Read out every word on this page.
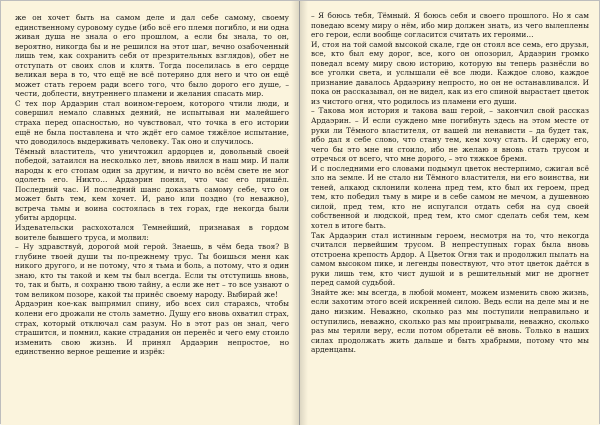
же он хочет быть на самом деле и дал себе самому, своему единственному суровому судье (ибо всё его племя погибло, и ни одна живая душа не знала о его прошлом, а если бы знала, то он, вероятно, никогда бы и не решился на этот шаг, вечно озабоченный лишь тем, как сохранить себя от презрительных взглядов), обет не отступать от своих слов и клятв. Тогда поселилась в его сердце великая вера в то, что ещё не всё потеряно для него и что он ещё может стать героем ради всего того, что было дорого его душе, – чести, доблести, внутреннего пламени и желания спасать мир.

С тех пор Ардаэрин стал воином-героем, которого чтили люди, и совершил немало славных деяний, не испытывая ни малейшего страха перед опасностью, но чувствовал, что точка в его истории ещё не была поставлена и что ждёт его самое тяжёлое испытание, что доводилось выдерживать человеку. Так оно и случилось.

Тёмный властитель, что уничтожил ардорцев и, довольный своей победой, затаился на несколько лет, вновь явился в наш мир. И пали народы к его стопам один за другим, и ничто во всём свете не мог одолеть его. Никто… Ардаэрин понял, что час его пришёл. Последний час. И последний шанс доказать самому себе, что он может быть тем, кем хочет. И, рано или поздно (то неважно), встреча тьмы и воина состоялась в тех горах, где некогда были убиты ардорцы.

Издевательски расхохотался Темнейший, признавая в гордом воителе бывшего труса, и молвил:

– Ну здравствуй, дорогой мой герой. Знаешь, в чём беда твоя? В глубине твоей души ты по-прежнему трус. Ты боишься меня как никого другого, и не потому, что я тьма и боль, а потому, что я один знаю, кто ты такой и кем ты был всегда. Если ты отступишь вновь, то, так и быть, я сохраню твою тайну, а если же нет – то все узнают о том великом позоре, какой ты принёс своему народу. Выбирай же!

Ардаэрин кое-как выпрямил спину, ибо всех сил стараясь, чтобы колени его дрожали не столь заметно. Душу его вновь охватил страх, страх, который отключал сам разум. Но в этот раз он знал, чего страшится, и помнил, какие страдания он перенёс и чего ему стоило изменить свою жизнь. И принял Ардаэрин непростое, но единственно верное решение и изрёк:

– Я боюсь тебя, Тёмный. Я боюсь себя и своего прошлого. Но я сам поведаю всему миру о нём, ибо мир должен знать, из чего вылеплены его герои, если вообще согласится считать их героями…

И, стоя на той самой высокой скале, где он стоял все семь, его друзья, все, кто был ему дорог, все, кого он опозорил, Ардаэрин громко поведал всему миру свою историю, которую вы теперь разнёсли во все уголки света, и услышали её все люди. Каждое слово, каждое признание давалось Ардаэрину непросто, но он не останавливался. И пока он рассказывал, он не видел, как из его спиной вырастает цветок из чистого огня, что родилось из пламени его души.

– Такова моя история и такова ваш герой, – закончил свой рассказ Ардаэрин. – И если суждено мне погибнуть здесь на этом месте от руки ли Тёмного властителя, от вашей ли ненависти – да будет так, ибо дал я себе слово, что стану тем, кем хочу стать. И сдержу его, чего бы это мне ни стоило, ибо не желаю я вновь стать трусом и отречься от всего, что мне дорого, – это тяжкое бремя.

И с последними его словами подымул цветок нестерпимо, сжигая всё зло на земле. И не стало ни Тёмного властителя, ни его воинства, ни теней, алкаюд склонили колена пред тем, кто был их героем, пред тем, кто победил тьму в мире и в себе самом не мечом, а душевною силой, пред тем, кто не испугался отдать себя на суд своей собственной и людской, пред тем, кто смог сделать себя тем, кем хотел в итоге быть.

Так Ардаэрин стал истинным героем, несмотря на то, что некогда считался первейшим трусом. В непреступных горах была вновь отстроена крепость Ардор. А Цветок Огня так и продолжил пылать на самом высоком пике, и легенды повествуют, что этот цветок даётся в руки лишь тем, кто чист душой и в решительный миг не дрогнет перед самой судьбой.

Знайте же: мы всегда, в любой момент, можем изменить свою жизнь, если захотим этого всей искренней силою. Ведь если на деле мы и не дано низким. Неважно, сколько раз мы поступили неправильно и оступились, неважно, сколько раз мы проигрывали, неважно, сколько раз мы теряли веру, если потом обретали её вновь. Только в наших силах продолжать жить дальше и быть храбрыми, потому что мы арденцаны.
